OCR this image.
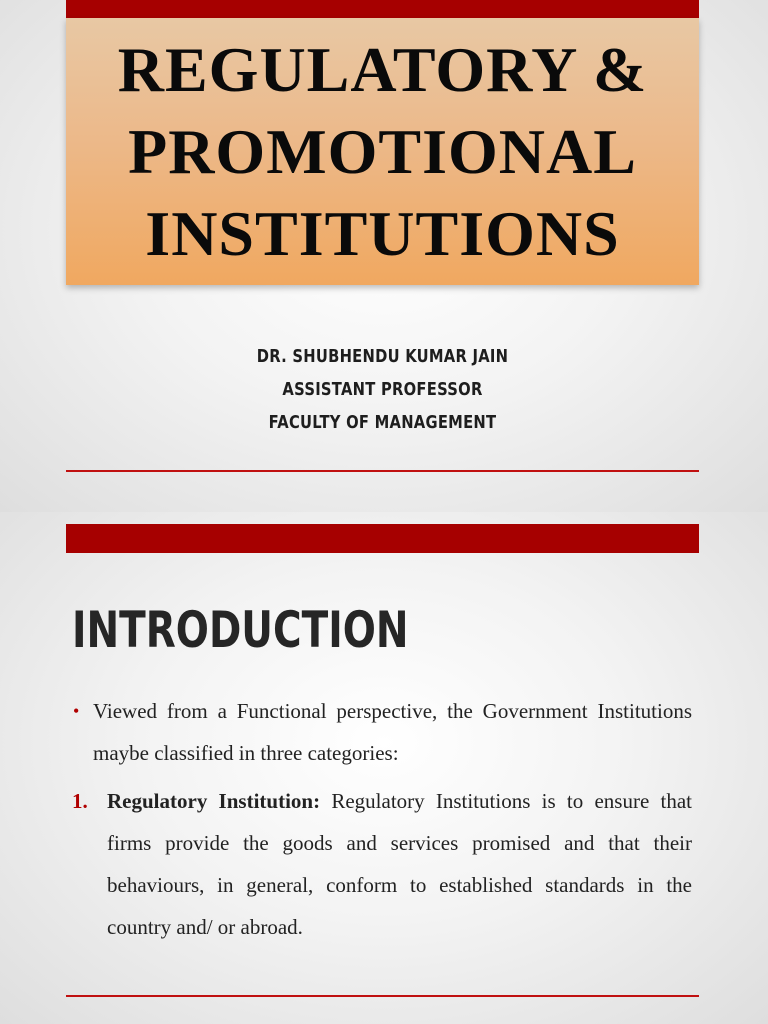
REGULATORY &
PROMOTIONAL
INSTITUTIONS
DR. SHUBHENDU KUMAR JAIN
ASSISTANT PROFESSOR
FACULTY OF MANAGEMENT
INTRODUCTION
• Viewed from a Functional perspective, the Government Institutions maybe classified in three categories:
1. Regulatory Institution: Regulatory Institutions is to ensure that firms provide the goods and services promised and that their behaviours, in general, conform to established standards in the country and/ or abroad.
